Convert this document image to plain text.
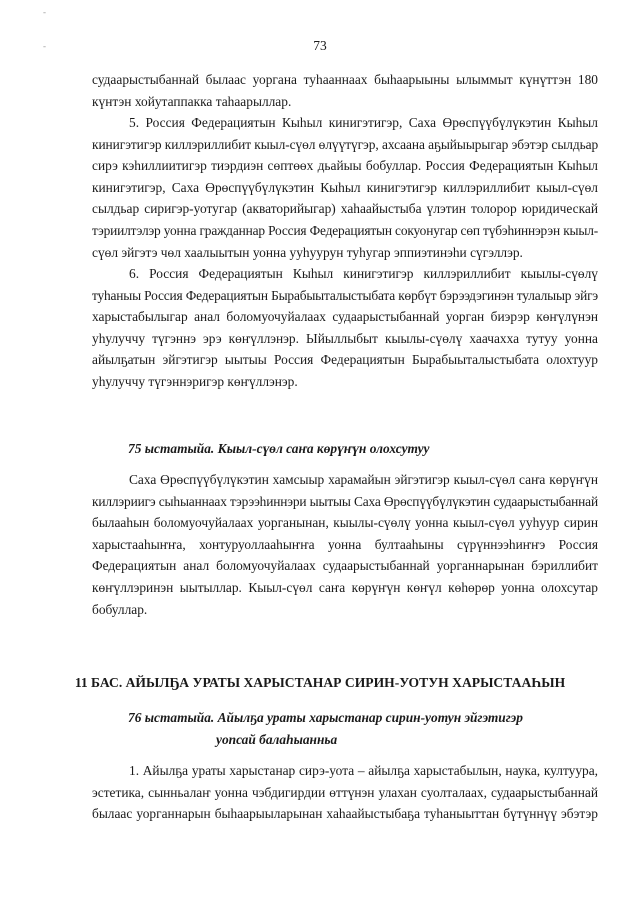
-
-	73
судаарыстыбаннай былаас уоргана туһааннаах быһаарыыны ылыммыт күнүттэн 180
күнтэн хойутаппакка таһаарыллар.
5. Россия Федерациятын Кыһыл кинигэтигэр, Саха Өрөспүүбүлүкэтин Кыһыл
кинигэтигэр киллэриллибит кыыл-сүөл өлүүтүгэр, ахсаана аҕыйыырыгар эбэтэр сылдьар
сирэ кэһиллиитигэр тиэрдиэн сөптөөх дьайыы бобуллар. Россия Федерациятын Кыһыл
кинигэтигэр, Саха Өрөспүүбүлүкэтин Кыһыл кинигэтигэр киллэриллибит кыыл-сүөл
сылдьар сиригэр-уотугар (акваторийыгар) хаһаайыстыба үлэтин толорор юридическай
тэриилтэлэр уонна гражданнар Россия Федерациятын сокуонугар сөп түбэһиннэрэн кыыл-
сүөл эйгэтэ чөл хаалыытын уонна ууһуурун туһугар эппиэтинэһи сүгэллэр.
6. Россия Федерациятын Кыһыл кинигэтигэр киллэриллибит кыылы-сүөлү
туһаныы Россия Федерациятын Бырабыыталыстыбата көрбүт бэрээдэгинэн тулалыыр эйгэ
харыстабылыгар анал боломуочуйалаах судаарыстыбаннай уорган биэрэр көҥүлүнэн
уһулуччу түгэннэ эрэ көҥүллэнэр. Ыйыллыбыт кыылы-сүөлү хаачахха тутуу уонна
айылҕатын эйгэтигэр ыытыы Россия Федерациятын Бырабыыталыстыбата олохтуур
уһулуччу түгэннэригэр көҥүллэнэр.
75 ыстатыйа. Кыыл-сүөл саҥа көрүҥүн олохсутуу
Саха Өрөспүүбүлүкэтин хамсыыр харамайын эйгэтигэр кыыл-сүөл саҥа көрүҥүн
киллэриигэ сыһыаннаах тэрээһиннэри ыытыы Саха Өрөспүүбүлүкэтин судаарыстыбаннай
былааһын боломуочуйалаах уорганынан, кыылы-сүөлү уонна кыыл-сүөл ууһуур сирин
харыстааһыҥҥа, хонтуруоллааһыҥҥа уонна бултааһыны сүрүннээһиҥҥэ Россия
Федерациятын анал боломуочуйалаах судаарыстыбаннай уорганнарынан бэриллибит
көҥүллэринэн ыытыллар. Кыыл-сүөл саҥа көрүҥүн көҥүл көһөрөр уонна олохсутар
бобуллар.
11 БАС. АЙЫЛҔА УРАТЫ ХАРЫСТАНАР СИРИН-УОТУН ХАРЫСТААҺЫН
76 ыстатыйа. Айылҕа ураты харыстанар сирин-уотун эйгэтигэр
уопсай балаһыанньа
1. Айылҕа ураты харыстанар сирэ-уота – айылҕа харыстабылын, наука, култуура,
эстетика, сынньалаҥ уонна чэбдигирдии өттүнэн улахан суолталаах, судаарыстыбаннай
былаас уорганнарын быһаарыыларынан хаһаайыстыбаҕа туһаныыттан бүтүннүү эбэтэр
